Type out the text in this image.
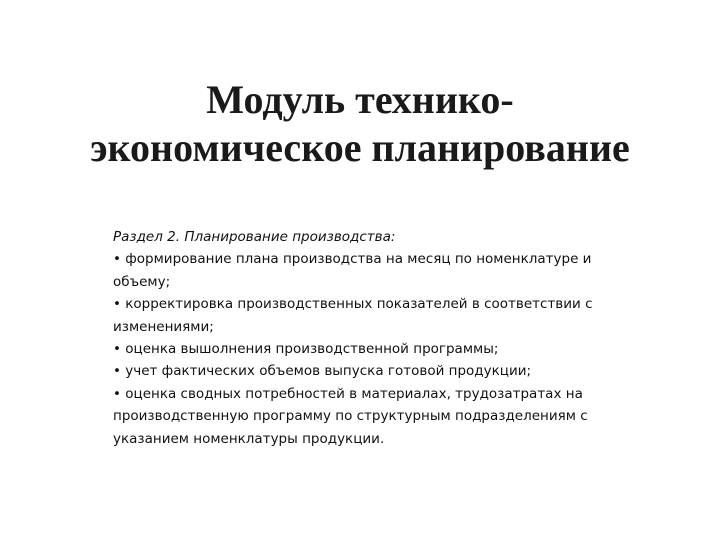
Модуль технико-
экономическое планирование

Раздел 2. Планирование производства:

• формирование плана производства на месяц по номенклатуре и объему;

• корректировка производственных показателей в соответствии с изменениями;

• оценка вышолнения производственной программы;

• учет фактических объемов выпуска готовой продукции;

• оценка сводных потребностей в материалах, трудозатратах на производственную программу по структурным подразделениям с указанием номенклатуры продукции.
